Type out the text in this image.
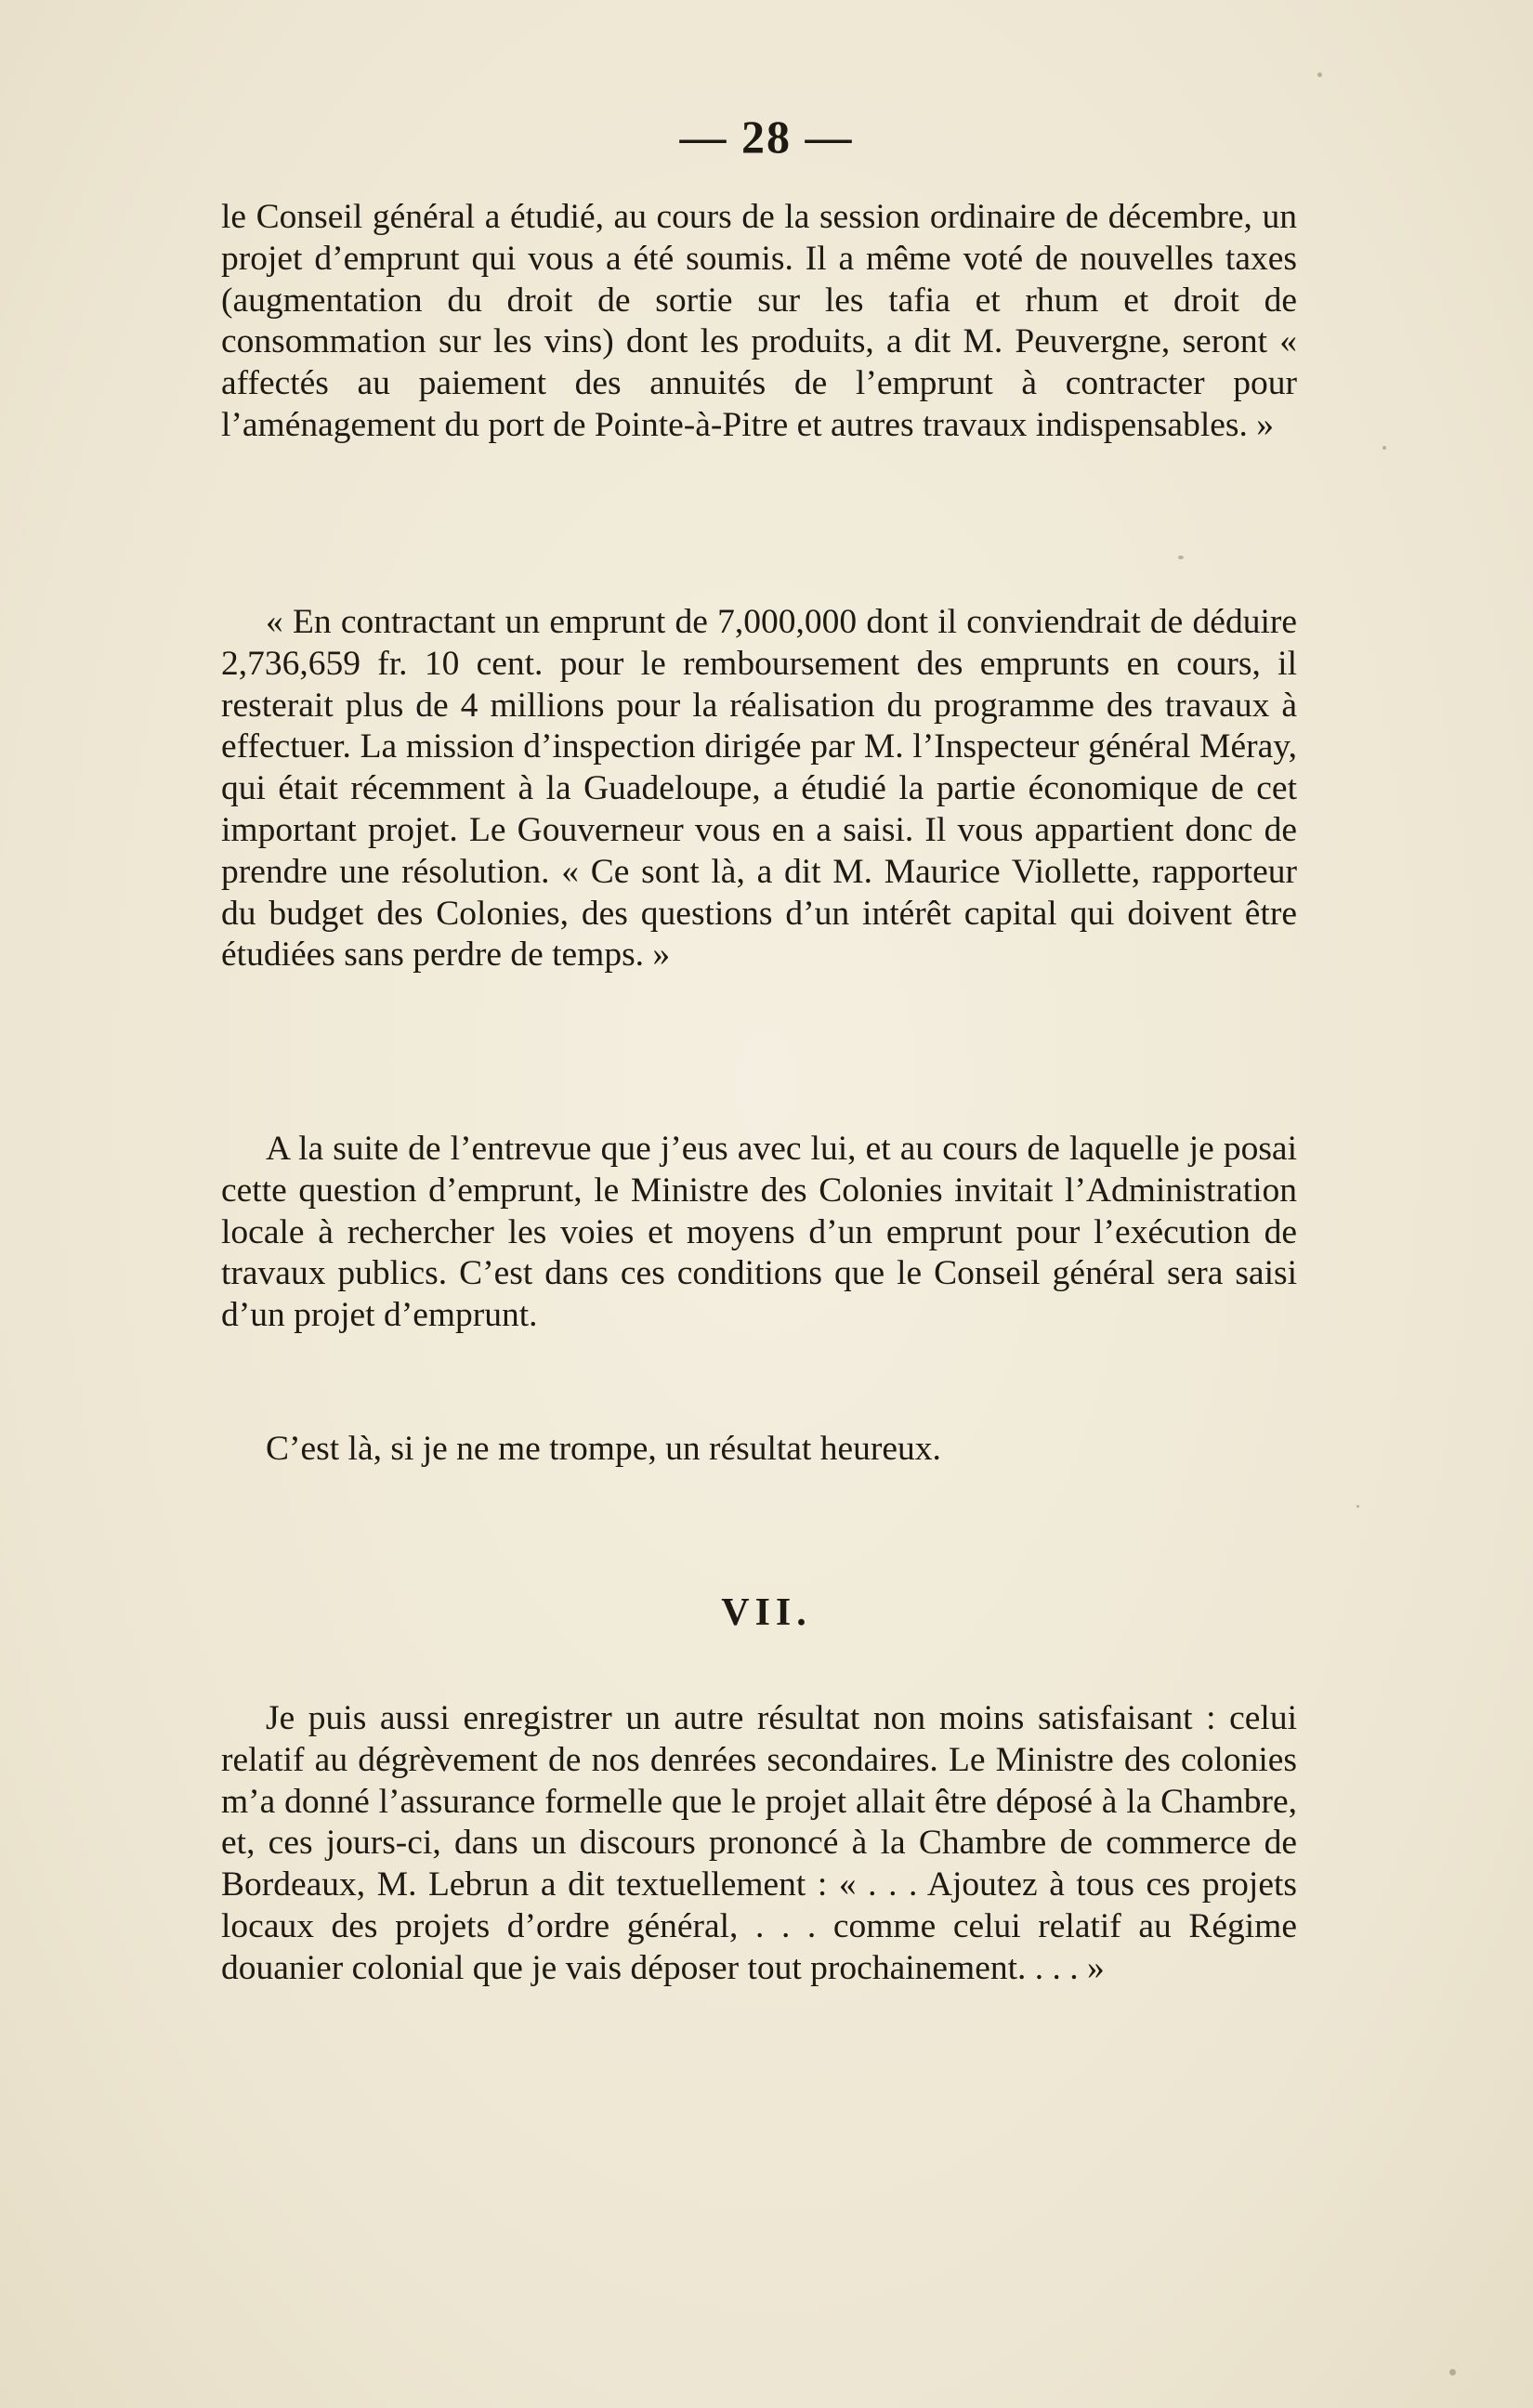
— 28 —

le Conseil général a étudié, au cours de la session ordinaire de décembre, un projet d’emprunt qui vous a été soumis. Il a même voté de nouvelles taxes (augmentation du droit de sortie sur les tafia et rhum et droit de consommation sur les vins) dont les produits, a dit M. Peuvergne, seront « affectés au paiement des annuités de l’emprunt à contracter pour l’aménagement du port de Pointe-à-Pitre et autres travaux indispensables. »

« En contractant un emprunt de 7,000,000 dont il conviendrait de déduire 2,736,659 fr. 10 cent. pour le remboursement des emprunts en cours, il resterait plus de 4 millions pour la réalisation du programme des travaux à effectuer. La mission d’inspection dirigée par M. l’Inspecteur général Méray, qui était récemment à la Guadeloupe, a étudié la partie économique de cet important projet. Le Gouverneur vous en a saisi. Il vous appartient donc de prendre une résolution. « Ce sont là, a dit M. Maurice Viollette, rapporteur du budget des Colonies, des questions d’un intérêt capital qui doivent être étudiées sans perdre de temps. »

A la suite de l’entrevue que j’eus avec lui, et au cours de laquelle je posai cette question d’emprunt, le Ministre des Colonies invitait l’Administration locale à rechercher les voies et moyens d’un emprunt pour l’exécution de travaux publics. C’est dans ces conditions que le Conseil général sera saisi d’un projet d’emprunt.

C’est là, si je ne me trompe, un résultat heureux.

VII.

Je puis aussi enregistrer un autre résultat non moins satisfaisant : celui relatif au dégrèvement de nos denrées secondaires. Le Ministre des colonies m’a donné l’assurance formelle que le projet allait être déposé à la Chambre, et, ces jours-ci, dans un discours prononcé à la Chambre de commerce de Bordeaux, M. Lebrun a dit textuellement : « . . . Ajoutez à tous ces projets locaux des projets d’ordre général, . . . comme celui relatif au Régime douanier colonial que je vais déposer tout prochainement. . . . »
